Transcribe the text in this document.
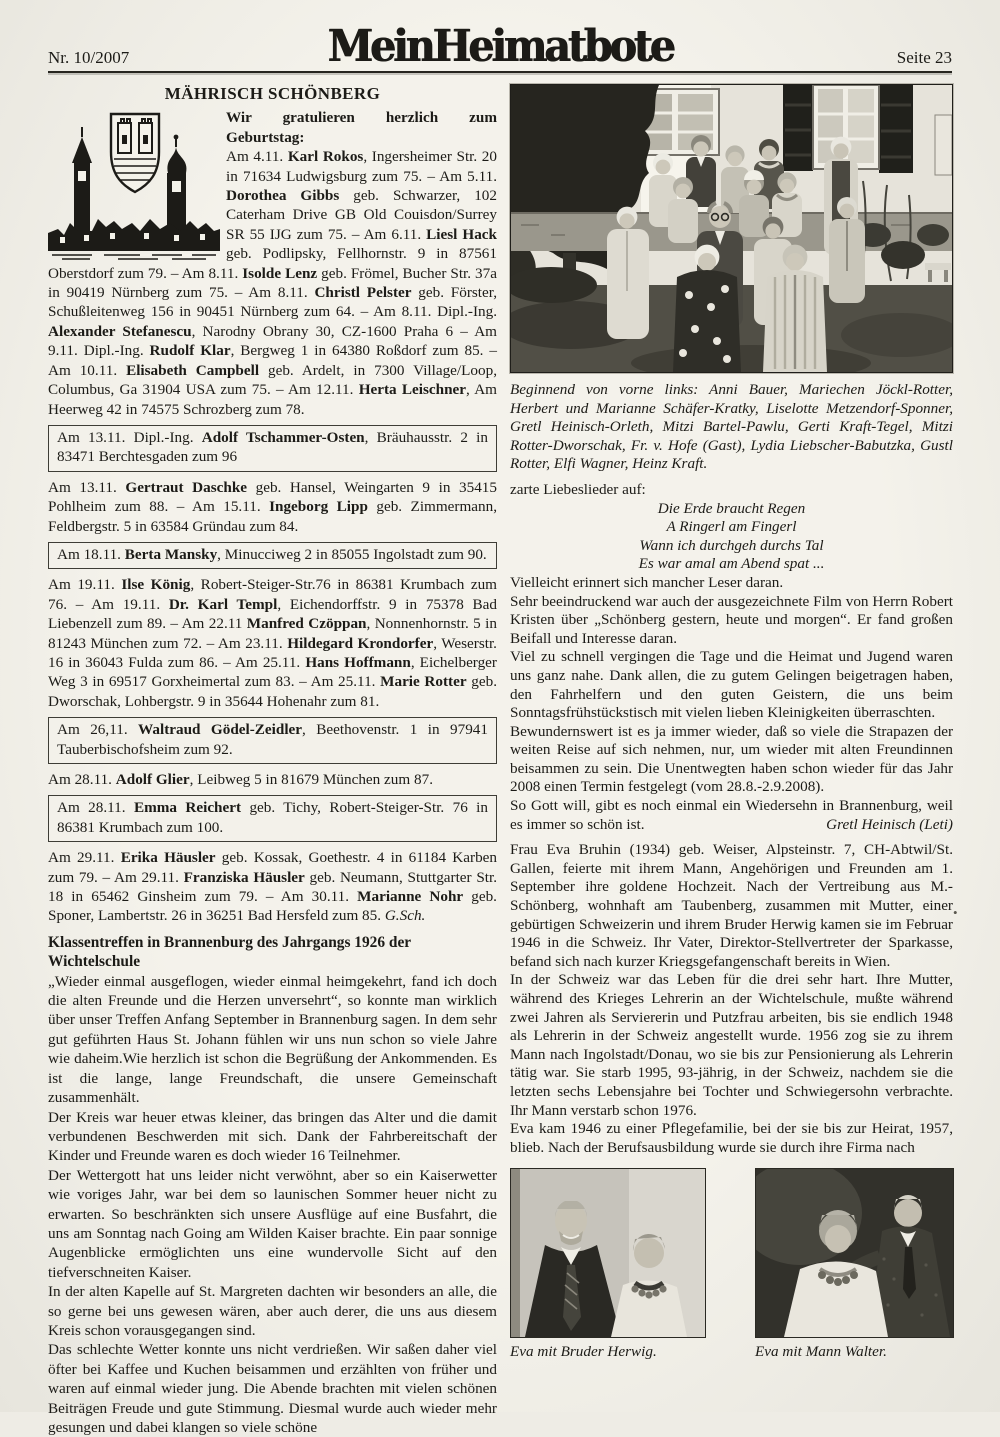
Nr. 10/2007	MeinHeimatbote	Seite 23
MÄHRISCH SCHÖNBERG

Wir gratulieren herzlich zum Geburtstag:

Am 4.11. Karl Rokos, Ingersheimer Str. 20 in 71634 Ludwigsburg zum 75. – Am 5.11. Dorothea Gibbs geb. Schwarzer, 102 Caterham Drive GB Old Couisdon/Surrey SR 55 IJG zum 75. – Am 6.11. Liesl Hack geb. Podlipsky, Fellhornstr. 9 in 87561 Oberstdorf zum 79. – Am 8.11. Isolde Lenz geb. Frömel, Bucher Str. 37a in 90419 Nürnberg zum 75. – Am 8.11. Christl Pelster geb. Förster, Schußleitenweg 156 in 90451 Nürnberg zum 64. – Am 8.11. Dipl.-Ing. Alexander Stefanescu, Narodny Obrany 30, CZ-1600 Praha 6 – Am 9.11. Dipl.-Ing. Rudolf Klar, Bergweg 1 in 64380 Roßdorf zum 85. – Am 10.11. Elisabeth Campbell geb. Ardelt, in 7300 Village/Loop, Columbus, Ga 31904 USA zum 75. – Am 12.11. Herta Leischner, Am Heerweg 42 in 74575 Schrozberg zum 78.

Am 13.11. Dipl.-Ing. Adolf Tschammer-Osten, Bräuhausstr. 2 in 83471 Berchtesgaden zum 96

Am 13.11. Gertraut Daschke geb. Hansel, Weingarten 9 in 35415 Pohlheim zum 88. – Am 15.11. Ingeborg Lipp geb. Zimmermann, Feldbergstr. 5 in 63584 Gründau zum 84.

Am 18.11. Berta Mansky, Minucciweg 2 in 85055 Ingolstadt zum 90.

Am 19.11. Ilse König, Robert-Steiger-Str.76 in 86381 Krumbach zum 76. – Am 19.11. Dr. Karl Templ, Eichendorffstr. 9 in 75378 Bad Liebenzell zum 89. – Am 22.11 Manfred Czöppan, Nonnenhornstr. 5 in 81243 München zum 72. – Am 23.11. Hildegard Krondorfer, Weserstr. 16 in 36043 Fulda zum 86. – Am 25.11. Hans Hoffmann, Eichelberger Weg 3 in 69517 Gorxheimertal zum 83. – Am 25.11. Marie Rotter geb. Dworschak, Lohbergstr. 9 in 35644 Hohenahr zum 81.

Am 26,11. Waltraud Gödel-Zeidler, Beethovenstr. 1 in 97941 Tauberbischofsheim zum 92.

Am 28.11. Adolf Glier, Leibweg 5 in 81679 München zum 87.

Am 28.11. Emma Reichert geb. Tichy, Robert-Steiger-Str. 76 in 86381 Krumbach zum 100.

Am 29.11. Erika Häusler geb. Kossak, Goethestr. 4 in 61184 Karben zum 79. – Am 29.11. Franziska Häusler geb. Neumann, Stuttgarter Str. 18 in 65462 Ginsheim zum 79. – Am 30.11. Marianne Nohr geb. Sponer, Lambertstr. 26 in 36251 Bad Hersfeld zum 85. G.Sch.

Klassentreffen in Brannenburg des Jahrgangs 1926 der Wichtelschule

„Wieder einmal ausgeflogen, wieder einmal heimgekehrt, fand ich doch die alten Freunde und die Herzen unversehrt“, so konnte man wirklich über unser Treffen Anfang September in Brannenburg sagen. In dem sehr gut geführten Haus St. Johann fühlen wir uns nun schon so viele Jahre wie daheim.Wie herzlich ist schon die Begrüßung der Ankommenden. Es ist die lange, lange Freundschaft, die unsere Gemeinschaft zusammenhält.

Der Kreis war heuer etwas kleiner, das bringen das Alter und die damit verbundenen Beschwerden mit sich. Dank der Fahrbereitschaft der Kinder und Freunde waren es doch wieder 16 Teilnehmer.

Der Wettergott hat uns leider nicht verwöhnt, aber so ein Kaiserwetter wie voriges Jahr, war bei dem so launischen Sommer heuer nicht zu erwarten. So beschränkten sich unsere Ausflüge auf eine Busfahrt, die uns am Sonntag nach Going am Wilden Kaiser brachte. Ein paar sonnige Augenblicke ermöglichten uns eine wundervolle Sicht auf den tiefverschneiten Kaiser.

In der alten Kapelle auf St. Margreten dachten wir besonders an alle, die so gerne bei uns gewesen wären, aber auch derer, die uns aus diesem Kreis schon vorausgegangen sind.

Das schlechte Wetter konnte uns nicht verdrießen. Wir saßen daher viel öfter bei Kaffee und Kuchen beisammen und erzählten von früher und waren auf einmal wieder jung. Die Abende brachten mit vielen schönen Beiträgen Freude und gute Stimmung. Diesmal wurde auch wieder mehr gesungen und dabei klangen so viele schöne

Beginnend von vorne links: Anni Bauer, Mariechen Jöckl-Rotter, Herbert und Marianne Schäfer-Kratky, Liselotte Metzendorf-Sponner, Gretl Heinisch-Orleth, Mitzi Bartel-Pawlu, Gerti Kraft-Tegel, Mitzi Rotter-Dworschak, Fr. v. Hofe (Gast), Lydia Liebscher-Babutzka, Gustl Rotter, Elfi Wagner, Heinz Kraft.

zarte Liebeslieder auf:

Die Erde braucht Regen
A Ringerl am Fingerl
Wann ich durchgeh durchs Tal
Es war amal am Abend spat ...

Vielleicht erinnert sich mancher Leser daran.

Sehr beeindruckend war auch der ausgezeichnete Film von Herrn Robert Kristen über „Schönberg gestern, heute und morgen“. Er fand großen Beifall und Interesse daran.

Viel zu schnell vergingen die Tage und die Heimat und Jugend waren uns ganz nahe. Dank allen, die zu gutem Gelingen beigetragen haben, den Fahrhelfern und den guten Geistern, die uns beim Sonntagsfrühstückstisch mit vielen lieben Kleinigkeiten überraschten.

Bewundernswert ist es ja immer wieder, daß so viele die Strapazen der weiten Reise auf sich nehmen, nur, um wieder mit alten Freundinnen beisammen zu sein. Die Unentwegten haben schon wieder für das Jahr 2008 einen Termin festgelegt (vom 28.8.-2.9.2008).

So Gott will, gibt es noch einmal ein Wiedersehn in Brannenburg, weil es immer so schön ist.	Gretl Heinisch (Leti)

Frau Eva Bruhin (1934) geb. Weiser, Alpsteinstr. 7, CH-Abtwil/St. Gallen, feierte mit ihrem Mann, Angehörigen und Freunden am 1. September ihre goldene Hochzeit. Nach der Vertreibung aus M.-Schönberg, wohnhaft am Taubenberg, zusammen mit Mutter, einer gebürtigen Schweizerin und ihrem Bruder Herwig kamen sie im Februar 1946 in die Schweiz. Ihr Vater, Direktor-Stellvertreter der Sparkasse, befand sich nach kurzer Kriegsgefangenschaft bereits in Wien.

In der Schweiz war das Leben für die drei sehr hart. Ihre Mutter, während des Krieges Lehrerin an der Wichtelschule, mußte während zwei Jahren als Serviererin und Putzfrau arbeiten, bis sie endlich 1948 als Lehrerin in der Schweiz angestellt wurde. 1956 zog sie zu ihrem Mann nach Ingolstadt/Donau, wo sie bis zur Pensionierung als Lehrerin tätig war. Sie starb 1995, 93-jährig, in der Schweiz, nachdem sie die letzten sechs Lebensjahre bei Tochter und Schwiegersohn verbrachte. Ihr Mann verstarb schon 1976.

Eva kam 1946 zu einer Pflegefamilie, bei der sie bis zur Heirat, 1957, blieb. Nach der Berufsausbildung wurde sie durch ihre Firma nach

Eva mit Bruder Herwig.	Eva mit Mann Walter.
•
